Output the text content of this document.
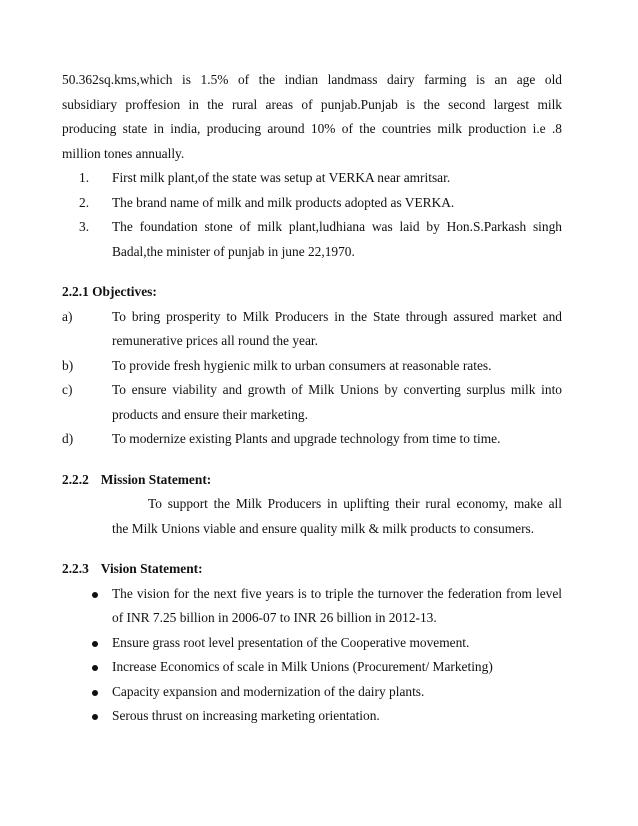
50.362sq.kms,which is 1.5% of the indian landmass dairy farming is an age old
subsidiary proffesion in the rural areas of punjab.Punjab is the second largest milk
producing state in india, producing around 10% of the countries milk production i.e .8
million tones annually.

1. First milk plant,of the state was setup at VERKA near amritsar.
2. The brand name of milk and milk products adopted as VERKA.
3. The foundation stone of milk plant,ludhiana was laid by Hon.S.Parkash singh
Badal,the minister of punjab in june 22,1970.

2.2.1 Objectives:

a)	To bring prosperity to Milk Producers in the State through assured market and
remunerative prices all round the year.
b)	To provide fresh hygienic milk to urban consumers at reasonable rates.
c)	To ensure viability and growth of Milk Unions by converting surplus milk into
products and ensure their marketing.
d)	To modernize existing Plants and upgrade technology from time to time.

2.2.2 Mission Statement:

To support the Milk Producers in uplifting their rural economy, make all
the Milk Unions viable and ensure quality milk & milk products to consumers.

2.2.3 Vision Statement:

The vision for the next five years is to triple the turnover the federation from level
of INR 7.25 billion in 2006-07 to INR 26 billion in 2012-13.
Ensure grass root level presentation of the Cooperative movement.
Increase Economics of scale in Milk Unions (Procurement/ Marketing)
Capacity expansion and modernization of the dairy plants.
Serous thrust on increasing marketing orientation.
